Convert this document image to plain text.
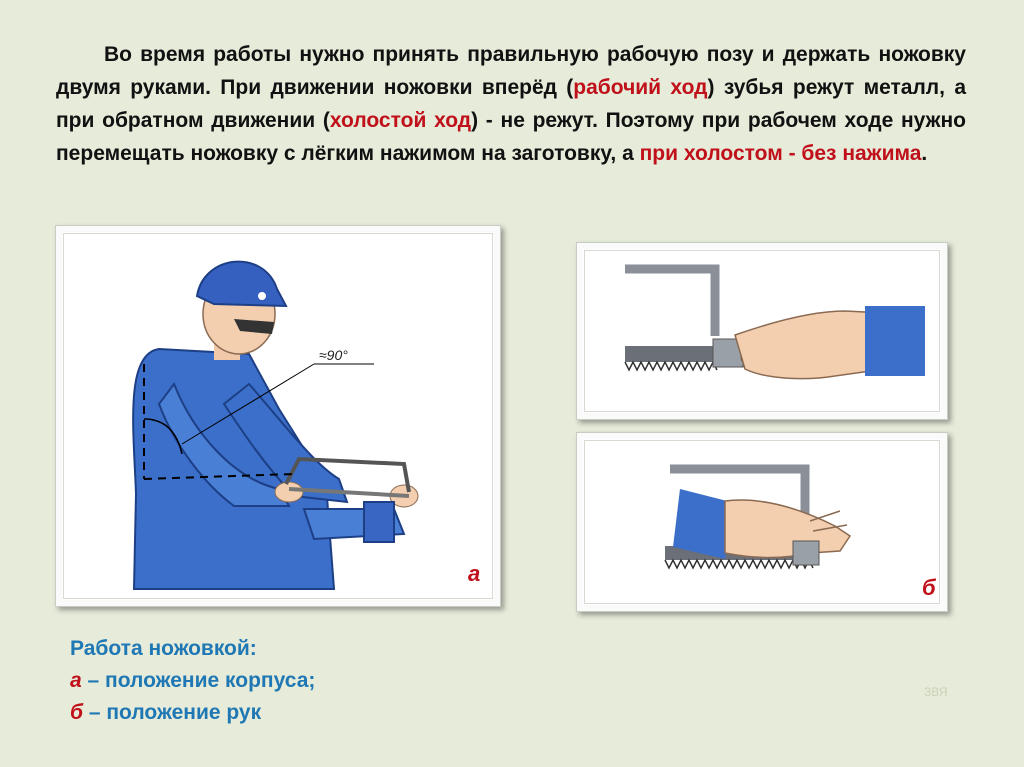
Во время работы нужно принять правильную рабочую позу и держать ножовку двумя руками. При движении ножовки вперёд (рабочий ход) зубья режут металл, а при обратном движении (холостой ход) - не режут. Поэтому при рабочем ходе нужно перемещать ножовку с лёгким нажимом на заготовку, а при холостом - без нажима.

≈90°
а
б
Работа ножовкой:
а – положение корпуса;
б – положение рук
ЗВЯ
